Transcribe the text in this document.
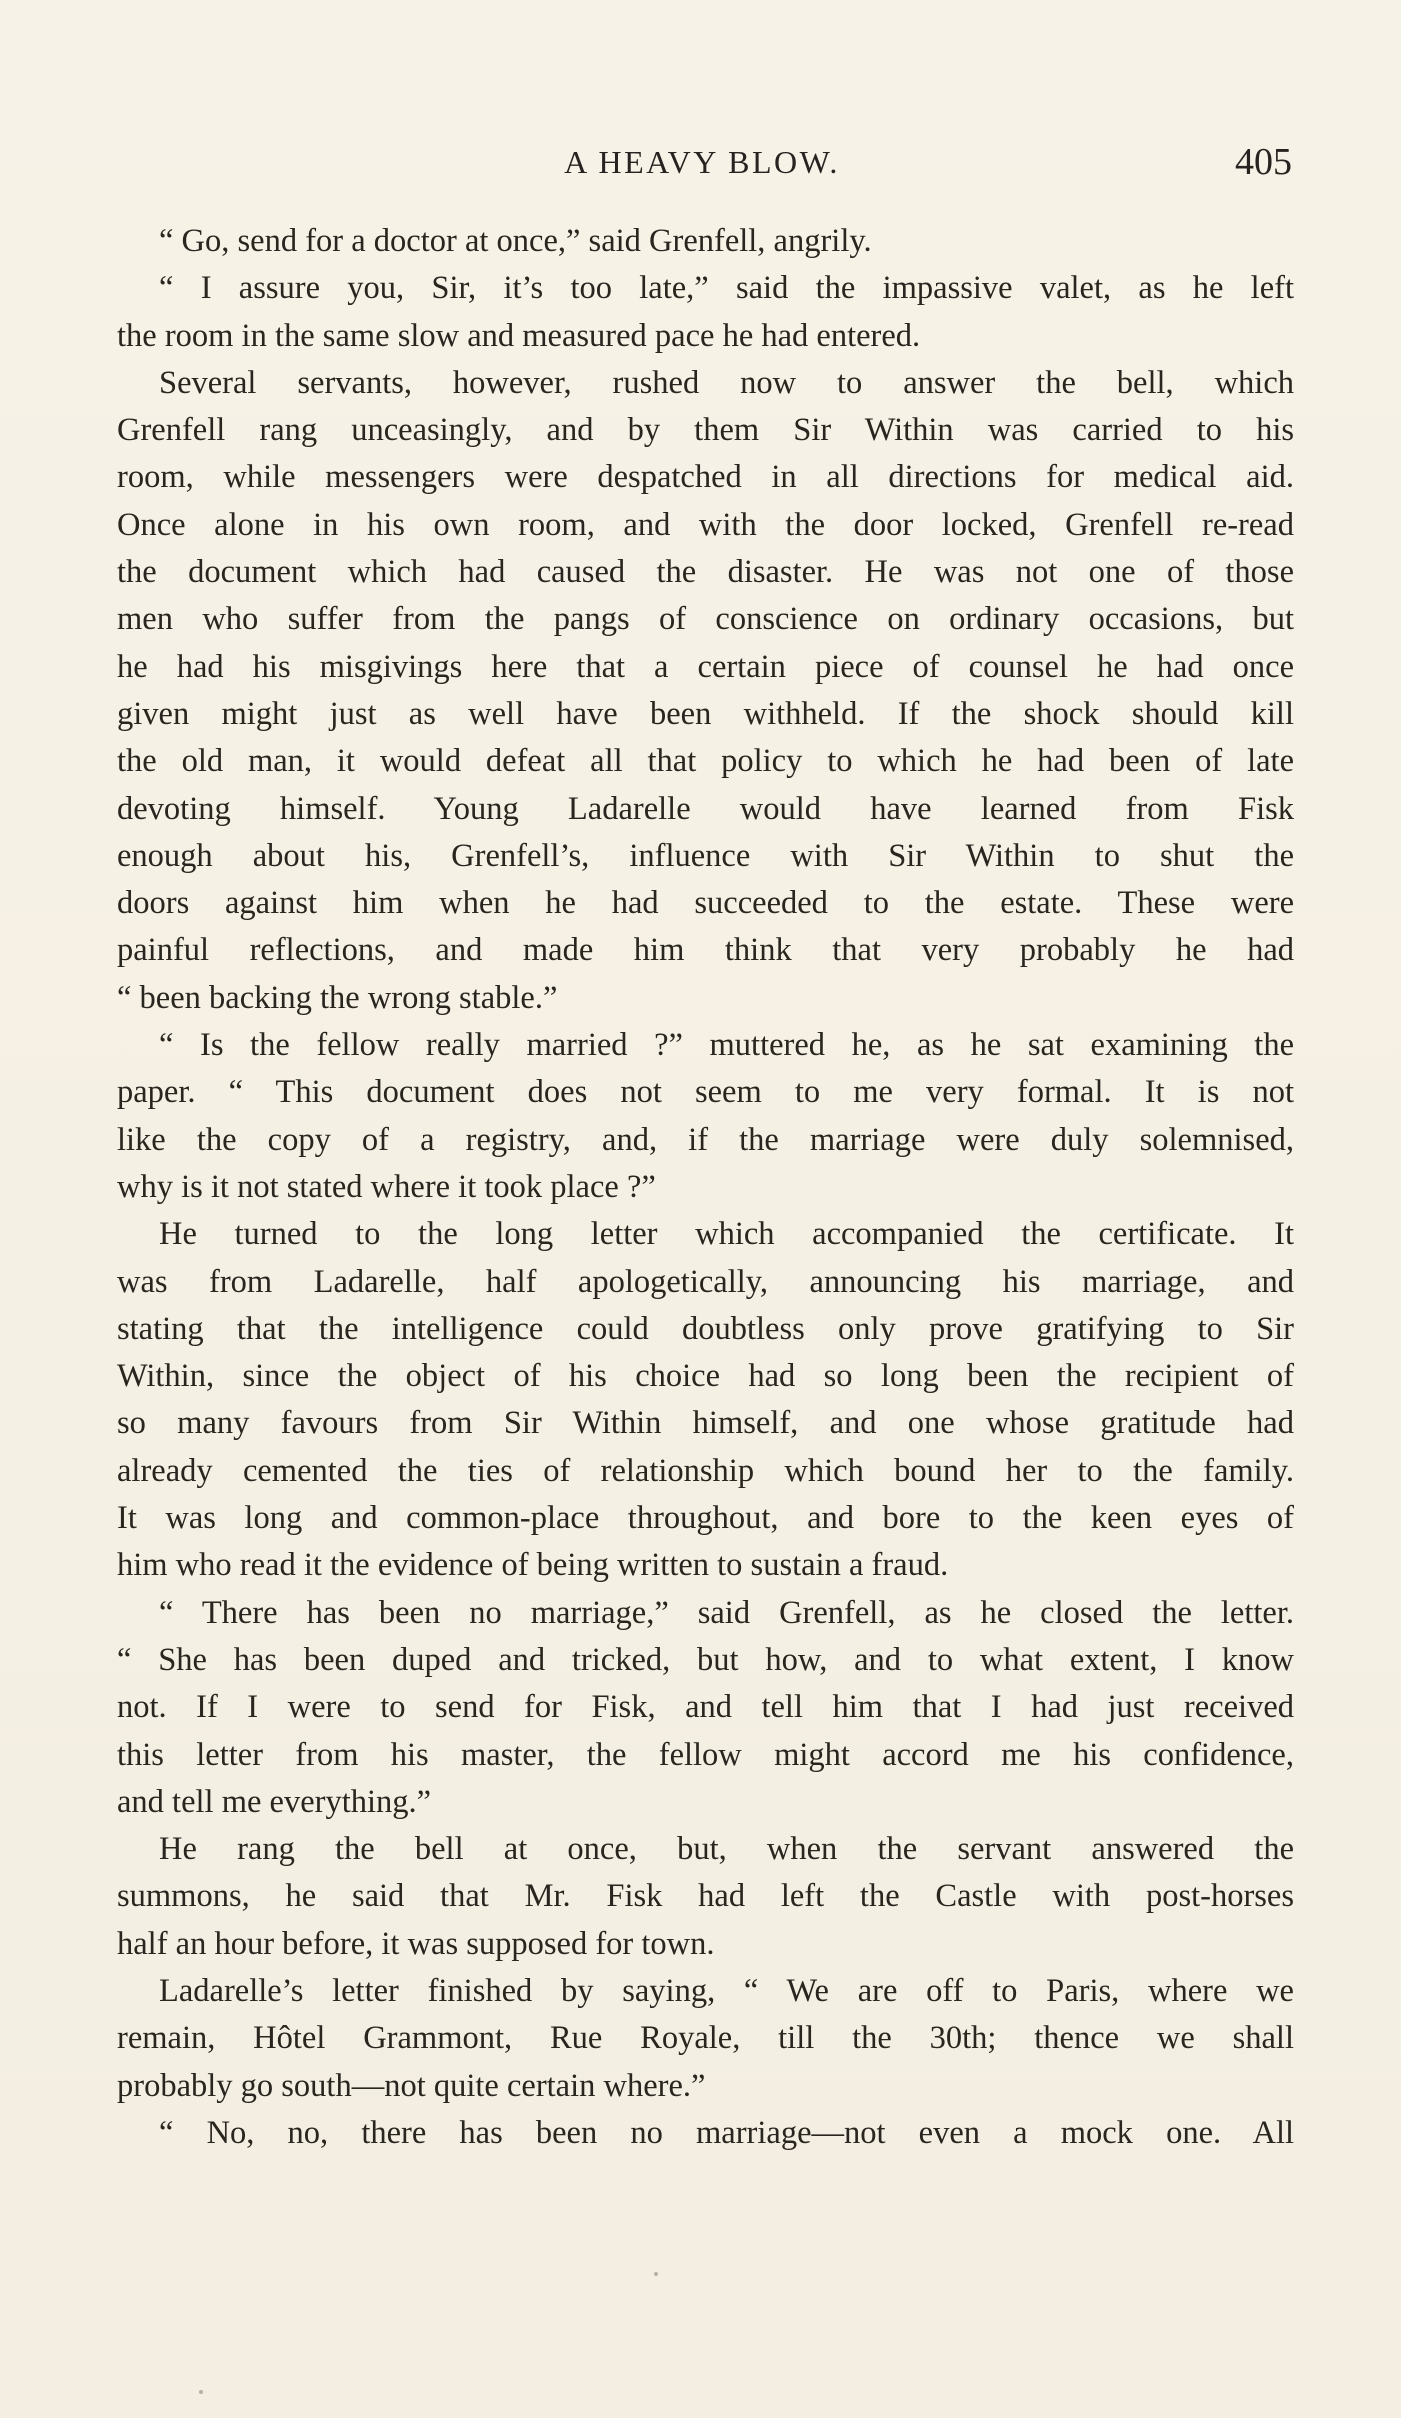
A HEAVY BLOW.	405
“ Go, send for a doctor at once,” said Grenfell, angrily.
“ I assure you, Sir, it’s too late,” said the impassive valet, as he left
the room in the same slow and measured pace he had entered.
Several servants, however, rushed now to answer the bell, which
Grenfell rang unceasingly, and by them Sir Within was carried to his
room, while messengers were despatched in all directions for medical aid.
Once alone in his own room, and with the door locked, Grenfell re-read
the document which had caused the disaster. He was not one of those
men who suffer from the pangs of conscience on ordinary occasions, but
he had his misgivings here that a certain piece of counsel he had once
given might just as well have been withheld. If the shock should kill
the old man, it would defeat all that policy to which he had been of late
devoting himself. Young Ladarelle would have learned from Fisk
enough about his, Grenfell’s, influence with Sir Within to shut the
doors against him when he had succeeded to the estate. These were
painful reflections, and made him think that very probably he had
“ been backing the wrong stable.”
“ Is the fellow really married ?” muttered he, as he sat examining the
paper. “ This document does not seem to me very formal. It is not
like the copy of a registry, and, if the marriage were duly solemnised,
why is it not stated where it took place ?”
He turned to the long letter which accompanied the certificate. It
was from Ladarelle, half apologetically, announcing his marriage, and
stating that the intelligence could doubtless only prove gratifying to Sir
Within, since the object of his choice had so long been the recipient of
so many favours from Sir Within himself, and one whose gratitude had
already cemented the ties of relationship which bound her to the family.
It was long and common-place throughout, and bore to the keen eyes of
him who read it the evidence of being written to sustain a fraud.
“ There has been no marriage,” said Grenfell, as he closed the letter.
“ She has been duped and tricked, but how, and to what extent, I know
not. If I were to send for Fisk, and tell him that I had just received
this letter from his master, the fellow might accord me his confidence,
and tell me everything.”
He rang the bell at once, but, when the servant answered the
summons, he said that Mr. Fisk had left the Castle with post-horses
half an hour before, it was supposed for town.
Ladarelle’s letter finished by saying, “ We are off to Paris, where we
remain, Hôtel Grammont, Rue Royale, till the 30th; thence we shall
probably go south—not quite certain where.”
“ No, no, there has been no marriage—not even a mock one. All
